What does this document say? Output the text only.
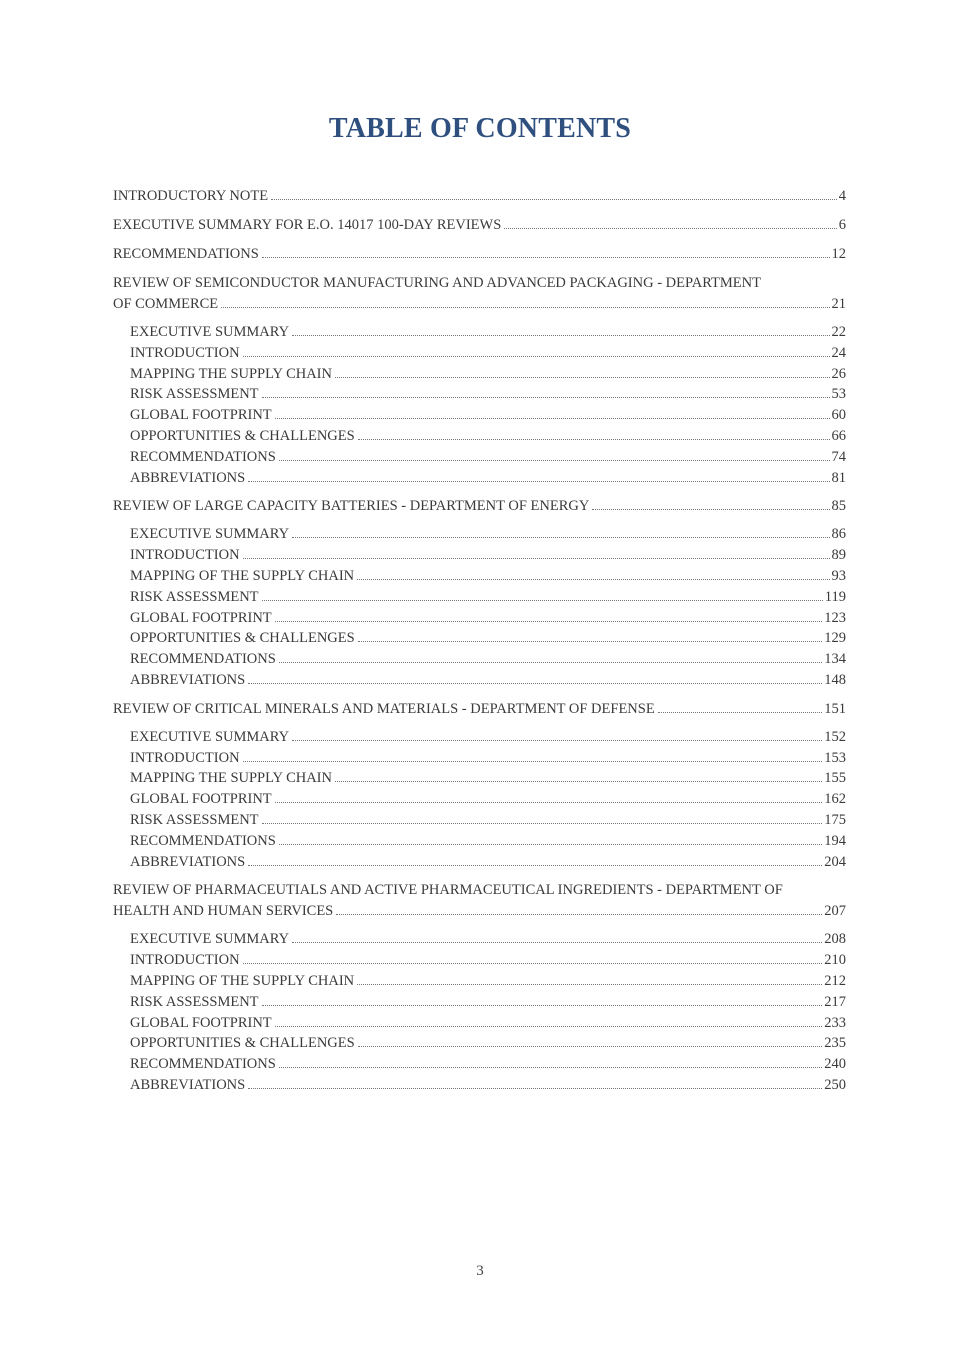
TABLE OF CONTENTS
INTRODUCTORY NOTE	4
EXECUTIVE SUMMARY FOR E.O. 14017 100-DAY REVIEWS	6
RECOMMENDATIONS	12
REVIEW OF SEMICONDUCTOR MANUFACTURING AND ADVANCED PACKAGING - DEPARTMENT
OF COMMERCE	21
EXECUTIVE SUMMARY	22
INTRODUCTION	24
MAPPING THE SUPPLY CHAIN	26
RISK ASSESSMENT	53
GLOBAL FOOTPRINT	60
OPPORTUNITIES & CHALLENGES	66
RECOMMENDATIONS	74
ABBREVIATIONS	81
REVIEW OF LARGE CAPACITY BATTERIES - DEPARTMENT OF ENERGY	85
EXECUTIVE SUMMARY	86
INTRODUCTION	89
MAPPING OF THE SUPPLY CHAIN	93
RISK ASSESSMENT	119
GLOBAL FOOTPRINT	123
OPPORTUNITIES & CHALLENGES	129
RECOMMENDATIONS	134
ABBREVIATIONS	148
REVIEW OF CRITICAL MINERALS AND MATERIALS - DEPARTMENT OF DEFENSE	151
EXECUTIVE SUMMARY	152
INTRODUCTION	153
MAPPING THE SUPPLY CHAIN	155
GLOBAL FOOTPRINT	162
RISK ASSESSMENT	175
RECOMMENDATIONS	194
ABBREVIATIONS	204
REVIEW OF PHARMACEUTIALS AND ACTIVE PHARMACEUTICAL INGREDIENTS - DEPARTMENT OF
HEALTH AND HUMAN SERVICES	207
EXECUTIVE SUMMARY	208
INTRODUCTION	210
MAPPING OF THE SUPPLY CHAIN	212
RISK ASSESSMENT	217
GLOBAL FOOTPRINT	233
OPPORTUNITIES & CHALLENGES	235
RECOMMENDATIONS	240
ABBREVIATIONS	250
3
